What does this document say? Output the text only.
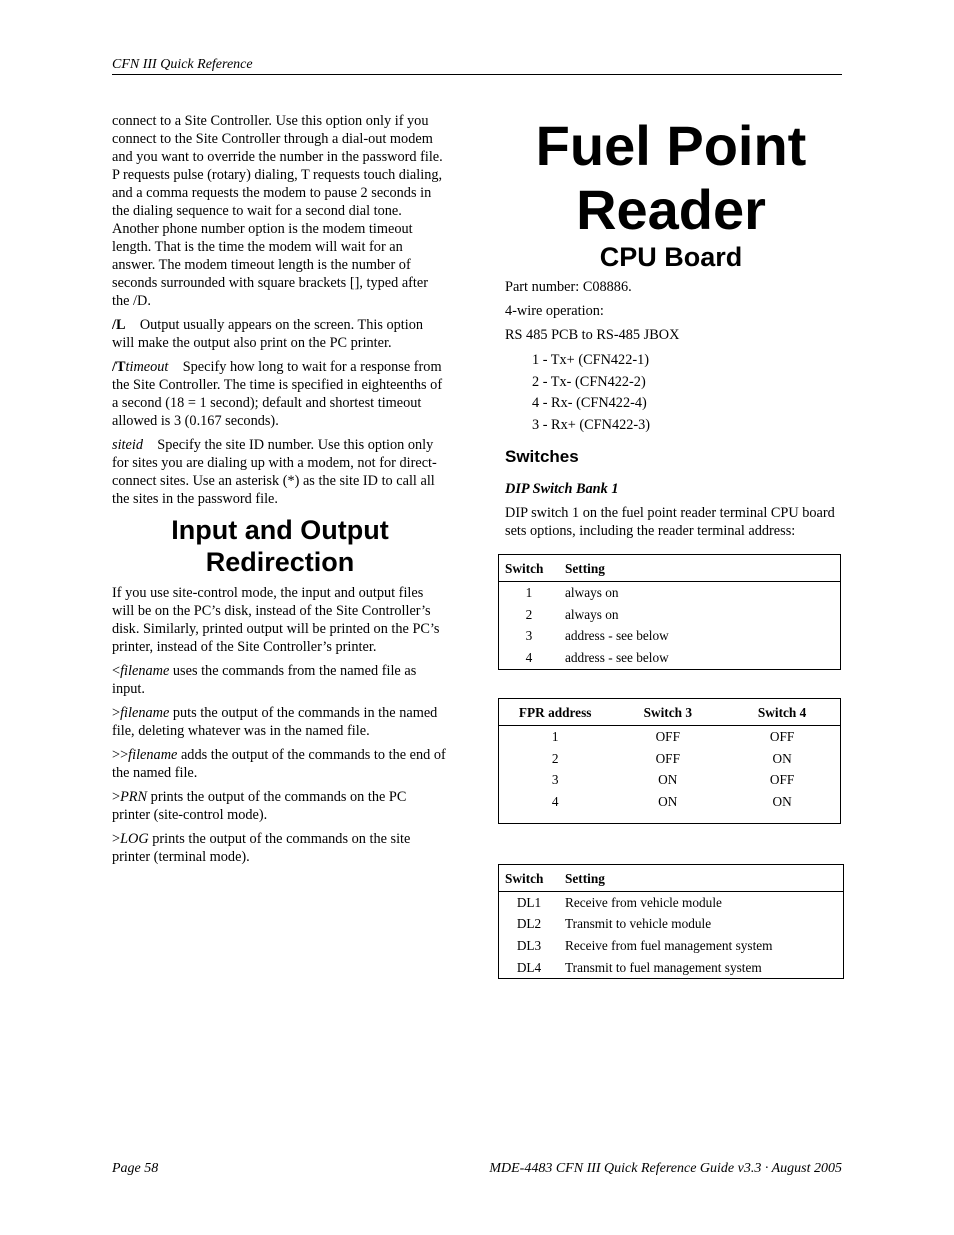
CFN III Quick Reference

connect to a Site Controller. Use this option only if you connect to the Site Controller through a dial-out modem and you want to override the number in the password file. P requests pulse (rotary) dialing, T requests touch dialing, and a comma requests the modem to pause 2 seconds in the dialing sequence to wait for a second dial tone.

Another phone number option is the modem timeout length. That is the time the modem will wait for an answer. The modem timeout length is the number of seconds surrounded with square brackets [], typed after the /D.

/L Output usually appears on the screen. This option will make the output also print on the PC printer.

/Ttimeout Specify how long to wait for a response from the Site Controller. The time is specified in eighteenths of a second (18 = 1 second); default and shortest timeout allowed is 3 (0.167 seconds).

siteid Specify the site ID number. Use this option only for sites you are dialing up with a modem, not for direct-connect sites. Use an asterisk (*) as the site ID to call all the sites in the password file.

Input and Output Redirection

If you use site-control mode, the input and output files will be on the PC’s disk, instead of the Site Controller’s disk. Similarly, printed output will be printed on the PC’s printer, instead of the Site Controller’s printer.

<filename uses the commands from the named file as input.

>filename puts the output of the commands in the named file, deleting whatever was in the named file.

>>filename adds the output of the commands to the end of the named file.

>PRN prints the output of the commands on the PC printer (site-control mode).

>LOG prints the output of the commands on the site printer (terminal mode).

Fuel Point Reader
CPU Board

Part number: C08886.

4-wire operation:

RS 485 PCB to RS-485 JBOX

1 - Tx+ (CFN422-1)
2 - Tx- (CFN422-2)
4 - Rx- (CFN422-4)
3 - Rx+ (CFN422-3)
Switches
DIP Switch Bank 1

DIP switch 1 on the fuel point reader terminal CPU board sets options, including the reader terminal address:

Switch	Setting
1	always on
2	always on
3	address - see below
4	address - see below
FPR address	Switch 3	Switch 4
1	OFF	OFF
2	OFF	ON
3	ON	OFF
4	ON	ON

Switch	Setting
DL1	Receive from vehicle module
DL2	Transmit to vehicle module
DL3	Receive from fuel management system
DL4	Transmit to fuel management system
Page 58	MDE-4483 CFN III Quick Reference Guide v3.3 · August 2005
